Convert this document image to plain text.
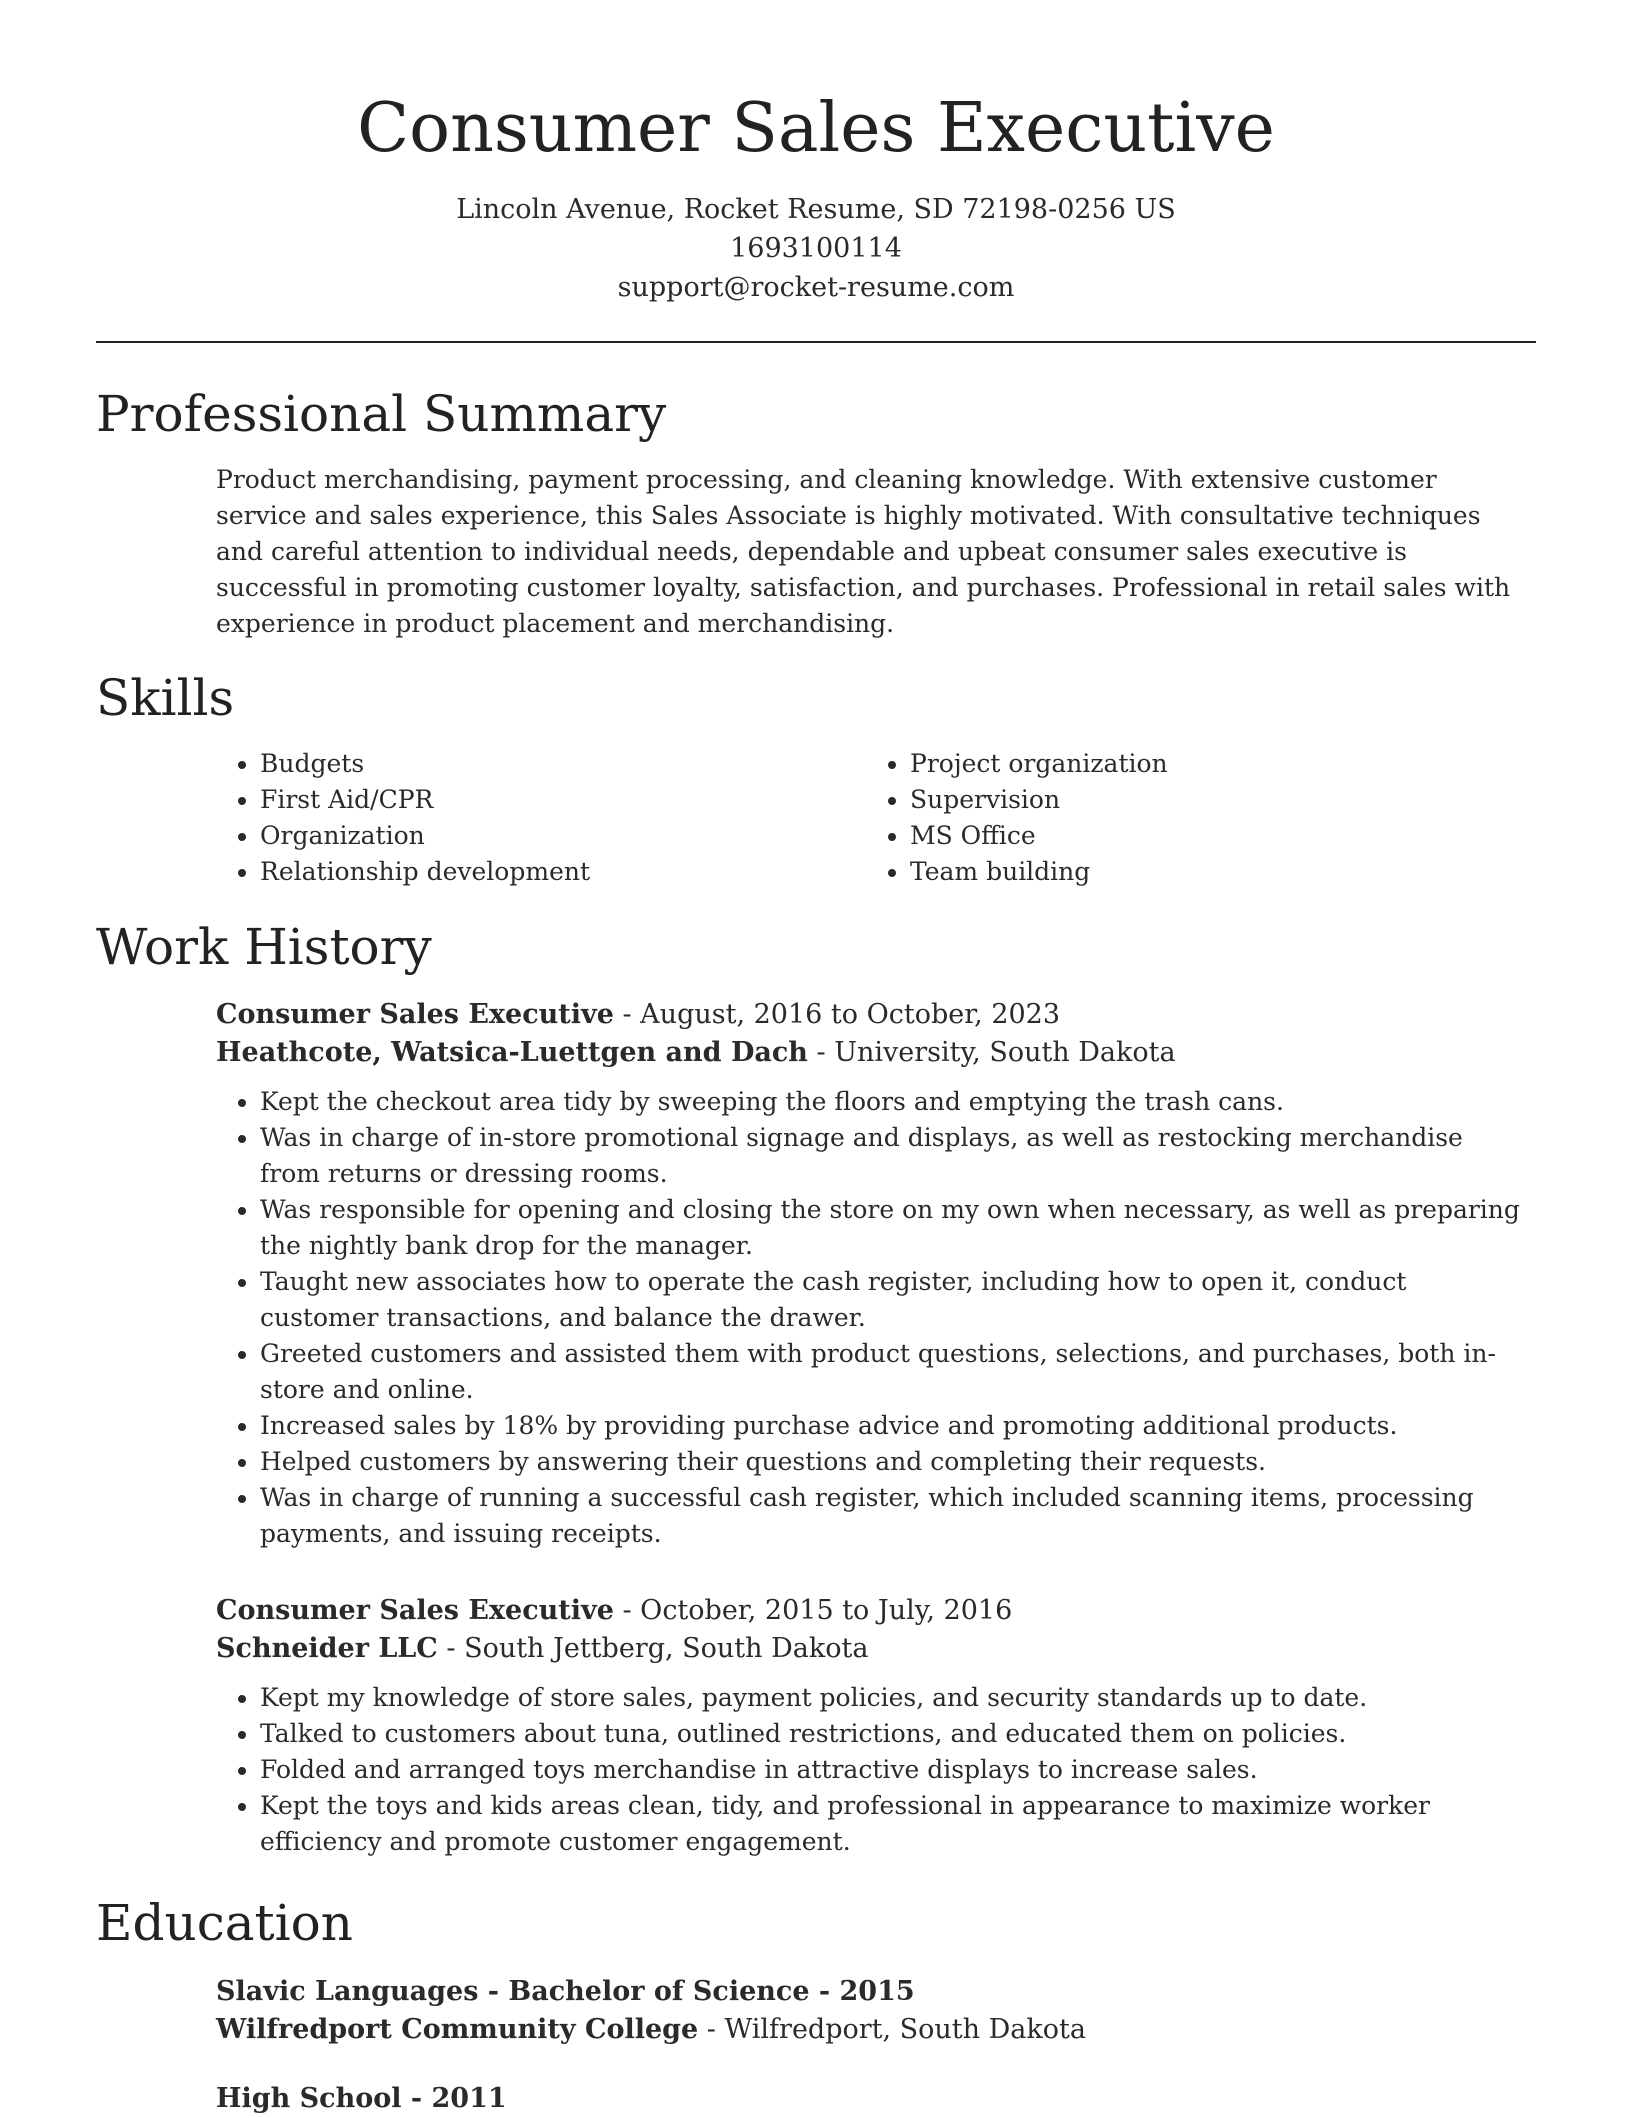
Consumer Sales Executive
Lincoln Avenue, Rocket Resume, SD 72198-0256 US
1693100114
support@rocket-resume.com
Professional Summary
Product merchandising, payment processing, and cleaning knowledge. With extensive customer service and sales experience, this Sales Associate is highly motivated. With consultative techniques and careful attention to individual needs, dependable and upbeat consumer sales executive is successful in promoting customer loyalty, satisfaction, and purchases. Professional in retail sales with experience in product placement and merchandising.
Skills
• Budgets
• First Aid/CPR
• Organization
• Relationship development
• Project organization
• Supervision
• MS Office
• Team building
Work History
Consumer Sales Executive - August, 2016 to October, 2023
Heathcote, Watsica-Luettgen and Dach - University, South Dakota
• Kept the checkout area tidy by sweeping the floors and emptying the trash cans.
• Was in charge of in-store promotional signage and displays, as well as restocking merchandise from returns or dressing rooms.
• Was responsible for opening and closing the store on my own when necessary, as well as preparing the nightly bank drop for the manager.
• Taught new associates how to operate the cash register, including how to open it, conduct customer transactions, and balance the drawer.
• Greeted customers and assisted them with product questions, selections, and purchases, both in-store and online.
• Increased sales by 18% by providing purchase advice and promoting additional products.
• Helped customers by answering their questions and completing their requests.
• Was in charge of running a successful cash register, which included scanning items, processing payments, and issuing receipts.
Consumer Sales Executive - October, 2015 to July, 2016
Schneider LLC - South Jettberg, South Dakota
• Kept my knowledge of store sales, payment policies, and security standards up to date.
• Talked to customers about tuna, outlined restrictions, and educated them on policies.
• Folded and arranged toys merchandise in attractive displays to increase sales.
• Kept the toys and kids areas clean, tidy, and professional in appearance to maximize worker efficiency and promote customer engagement.
Education
Slavic Languages - Bachelor of Science - 2015
Wilfredport Community College - Wilfredport, South Dakota
High School - 2011
